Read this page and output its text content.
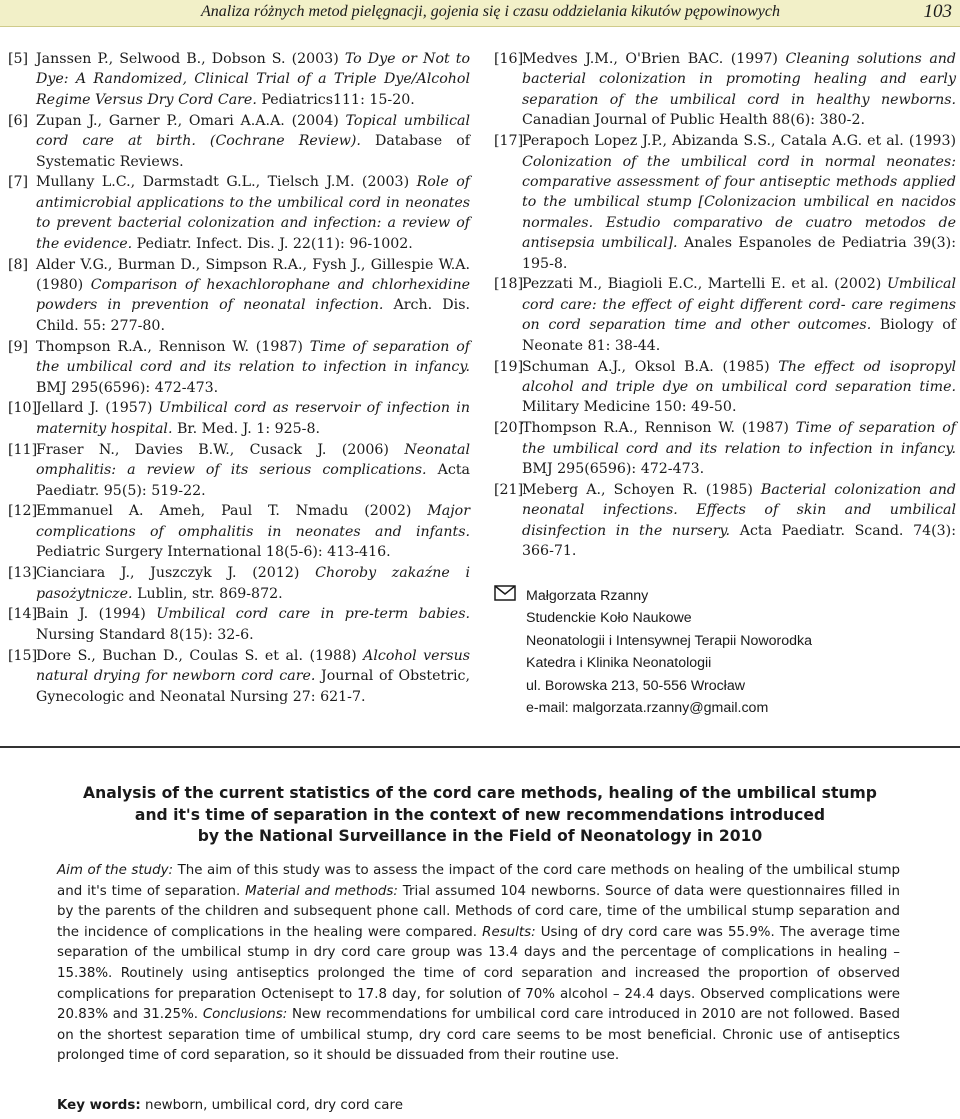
Analiza różnych metod pielęgnacji, gojenia się i czasu oddzielania kikutów pępowinowych	103
[5] Janssen P., Selwood B., Dobson S. (2003) To Dye or Not to Dye: A Randomized, Clinical Trial of a Triple Dye/Alcohol Regime Versus Dry Cord Care. Pediatrics111: 15-20.
[6] Zupan J., Garner P., Omari A.A.A. (2004) Topical umbilical cord care at birth. (Cochrane Review). Database of Systematic Reviews.
[7] Mullany L.C., Darmstadt G.L., Tielsch J.M. (2003) Role of antimicrobial applications to the umbilical cord in neonates to prevent bacterial colonization and infection: a review of the evidence. Pediatr. Infect. Dis. J. 22(11): 96-1002.
[8] Alder V.G., Burman D., Simpson R.A., Fysh J., Gillespie W.A. (1980) Comparison of hexachlorophane and chlorhexidine powders in prevention of neonatal infection. Arch. Dis. Child. 55: 277-80.
[9] Thompson R.A., Rennison W. (1987) Time of separation of the umbilical cord and its relation to infection in infancy. BMJ 295(6596): 472-473.
[10]
Jellard J. (1957) Umbilical cord as reservoir of infection in maternity hospital. Br. Med. J. 1: 925-8.
[11]
Fraser N., Davies B.W., Cusack J. (2006) Neonatal omphalitis: a review of its serious complications. Acta Paediatr. 95(5): 519-22.
[12]
Emmanuel A. Ameh, Paul T. Nmadu (2002) Major complications of omphalitis in neonates and infants. Pediatric Surgery International 18(5-6): 413-416.
[13]
Cianciara J., Juszczyk J. (2012) Choroby zakaźne i pasożytnicze. Lublin, str. 869-872.
[14]
Bain J. (1994) Umbilical cord care in pre-term babies. Nursing Standard 8(15): 32-6.
[15]
Dore S., Buchan D., Coulas S. et al. (1988) Alcohol versus natural drying for newborn cord care. Journal of Obstetric, Gynecologic and Neonatal Nursing 27: 621-7.
[16]
Medves J.M., O'Brien BAC. (1997) Cleaning solutions and bacterial colonization in promoting healing and early separation of the umbilical cord in healthy newborns. Canadian Journal of Public Health 88(6): 380-2.
[17]
Perapoch Lopez J.P., Abizanda S.S., Catala A.G. et al. (1993) Colonization of the umbilical cord in normal neonates: comparative assessment of four antiseptic methods applied to the umbilical stump [Colonizacion umbilical en nacidos normales. Estudio comparativo de cuatro metodos de antisepsia umbilical]. Anales Espanoles de Pediatria 39(3): 195-8.
[18]
Pezzati M., Biagioli E.C., Martelli E. et al. (2002) Umbilical cord care: the effect of eight different cord- care regimens on cord separation time and other outcomes. Biology of Neonate 81: 38-44.
[19]
Schuman A.J., Oksol B.A. (1985) The effect od isopropyl alcohol and triple dye on umbilical cord separation time. Military Medicine 150: 49-50.
[20]
Thompson R.A., Rennison W. (1987) Time of separation of the umbilical cord and its relation to infection in infancy. BMJ 295(6596): 472-473.
[21]
Meberg A., Schoyen R. (1985) Bacterial colonization and neonatal infections. Effects of skin and umbilical disinfection in the nursery. Acta Paediatr. Scand. 74(3): 366-71.
Małgorzata Rzanny
Studenckie Koło Naukowe
Neonatologii i Intensywnej Terapii Noworodka
Katedra i Klinika Neonatologii
ul. Borowska 213, 50-556 Wrocław
e-mail: malgorzata.rzanny@gmail.com
Analysis of the current statistics of the cord care methods, healing of the umbilical stump
and it's time of separation in the context of new recommendations introduced
by the National Surveillance in the Field of Neonatology in 2010
Aim of the study: The aim of this study was to assess the impact of the cord care methods on healing of the umbilical stump and it's time of separation. Material and methods: Trial assumed 104 newborns. Source of data were questionnaires filled in by the parents of the children and subsequent phone call. Methods of cord care, time of the umbilical stump separation and the incidence of complications in the healing were compared. Results: Using of dry cord care was 55.9%. The average time separation of the umbilical stump in dry cord care group was 13.4 days and the percentage of complications in healing – 15.38%. Routinely using antiseptics prolonged the time of cord separation and increased the proportion of observed complications for preparation Octenisept to 17.8 day, for solution of 70% alcohol – 24.4 days. Observed complications were 20.83% and 31.25%. Conclusions: New recommendations for umbilical cord care introduced in 2010 are not followed. Based on the shortest separation time of umbilical stump, dry cord care seems to be most beneficial. Chronic use of antiseptics prolonged time of cord separation, so it should be dissuaded from their routine use.
Key words: newborn, umbilical cord, dry cord care
